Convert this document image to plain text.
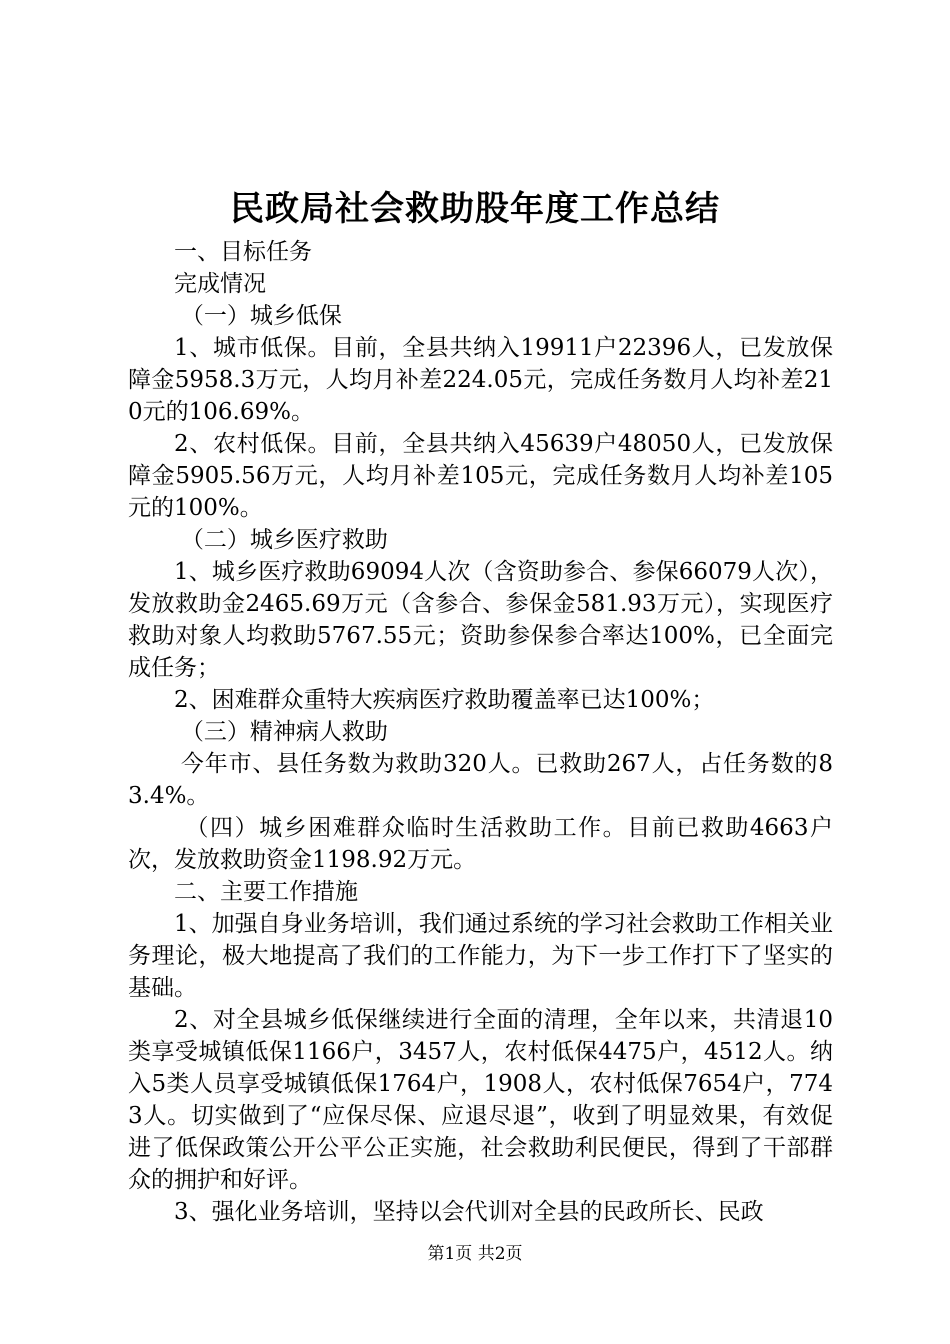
民政局社会救助股年度工作总结

一、目标任务

完成情况

（一）城乡低保

1、城市低保。目前，全县共纳入19911户22396人，已发放保障金5958.3万元，人均月补差224.05元，完成任务数月人均补差210元的106.69%。

2、农村低保。目前，全县共纳入45639户48050人，已发放保障金5905.56万元，人均月补差105元，完成任务数月人均补差105元的100%。

（二）城乡医疗救助

1、城乡医疗救助69094人次（含资助参合、参保66079人次），发放救助金2465.69万元（含参合、参保金581.93万元），实现医疗救助对象人均救助5767.55元；资助参保参合率达100%，已全面完成任务；

2、困难群众重特大疾病医疗救助覆盖率已达100%；

（三）精神病人救助

今年市、县任务数为救助320人。已救助267人，占任务数的83.4%。

（四）城乡困难群众临时生活救助工作。目前已救助4663户次，发放救助资金1198.92万元。

二、主要工作措施

1、加强自身业务培训，我们通过系统的学习社会救助工作相关业务理论，极大地提高了我们的工作能力，为下一步工作打下了坚实的基础。

2、对全县城乡低保继续进行全面的清理，全年以来，共清退10类享受城镇低保1166户，3457人，农村低保4475户，4512人。纳入5类人员享受城镇低保1764户，1908人，农村低保7654户，7743人。切实做到了“应保尽保、应退尽退”，收到了明显效果，有效促进了低保政策公开公平公正实施，社会救助利民便民，得到了干部群众的拥护和好评。

3、强化业务培训，坚持以会代训对全县的民政所长、民政

第1页 共2页
